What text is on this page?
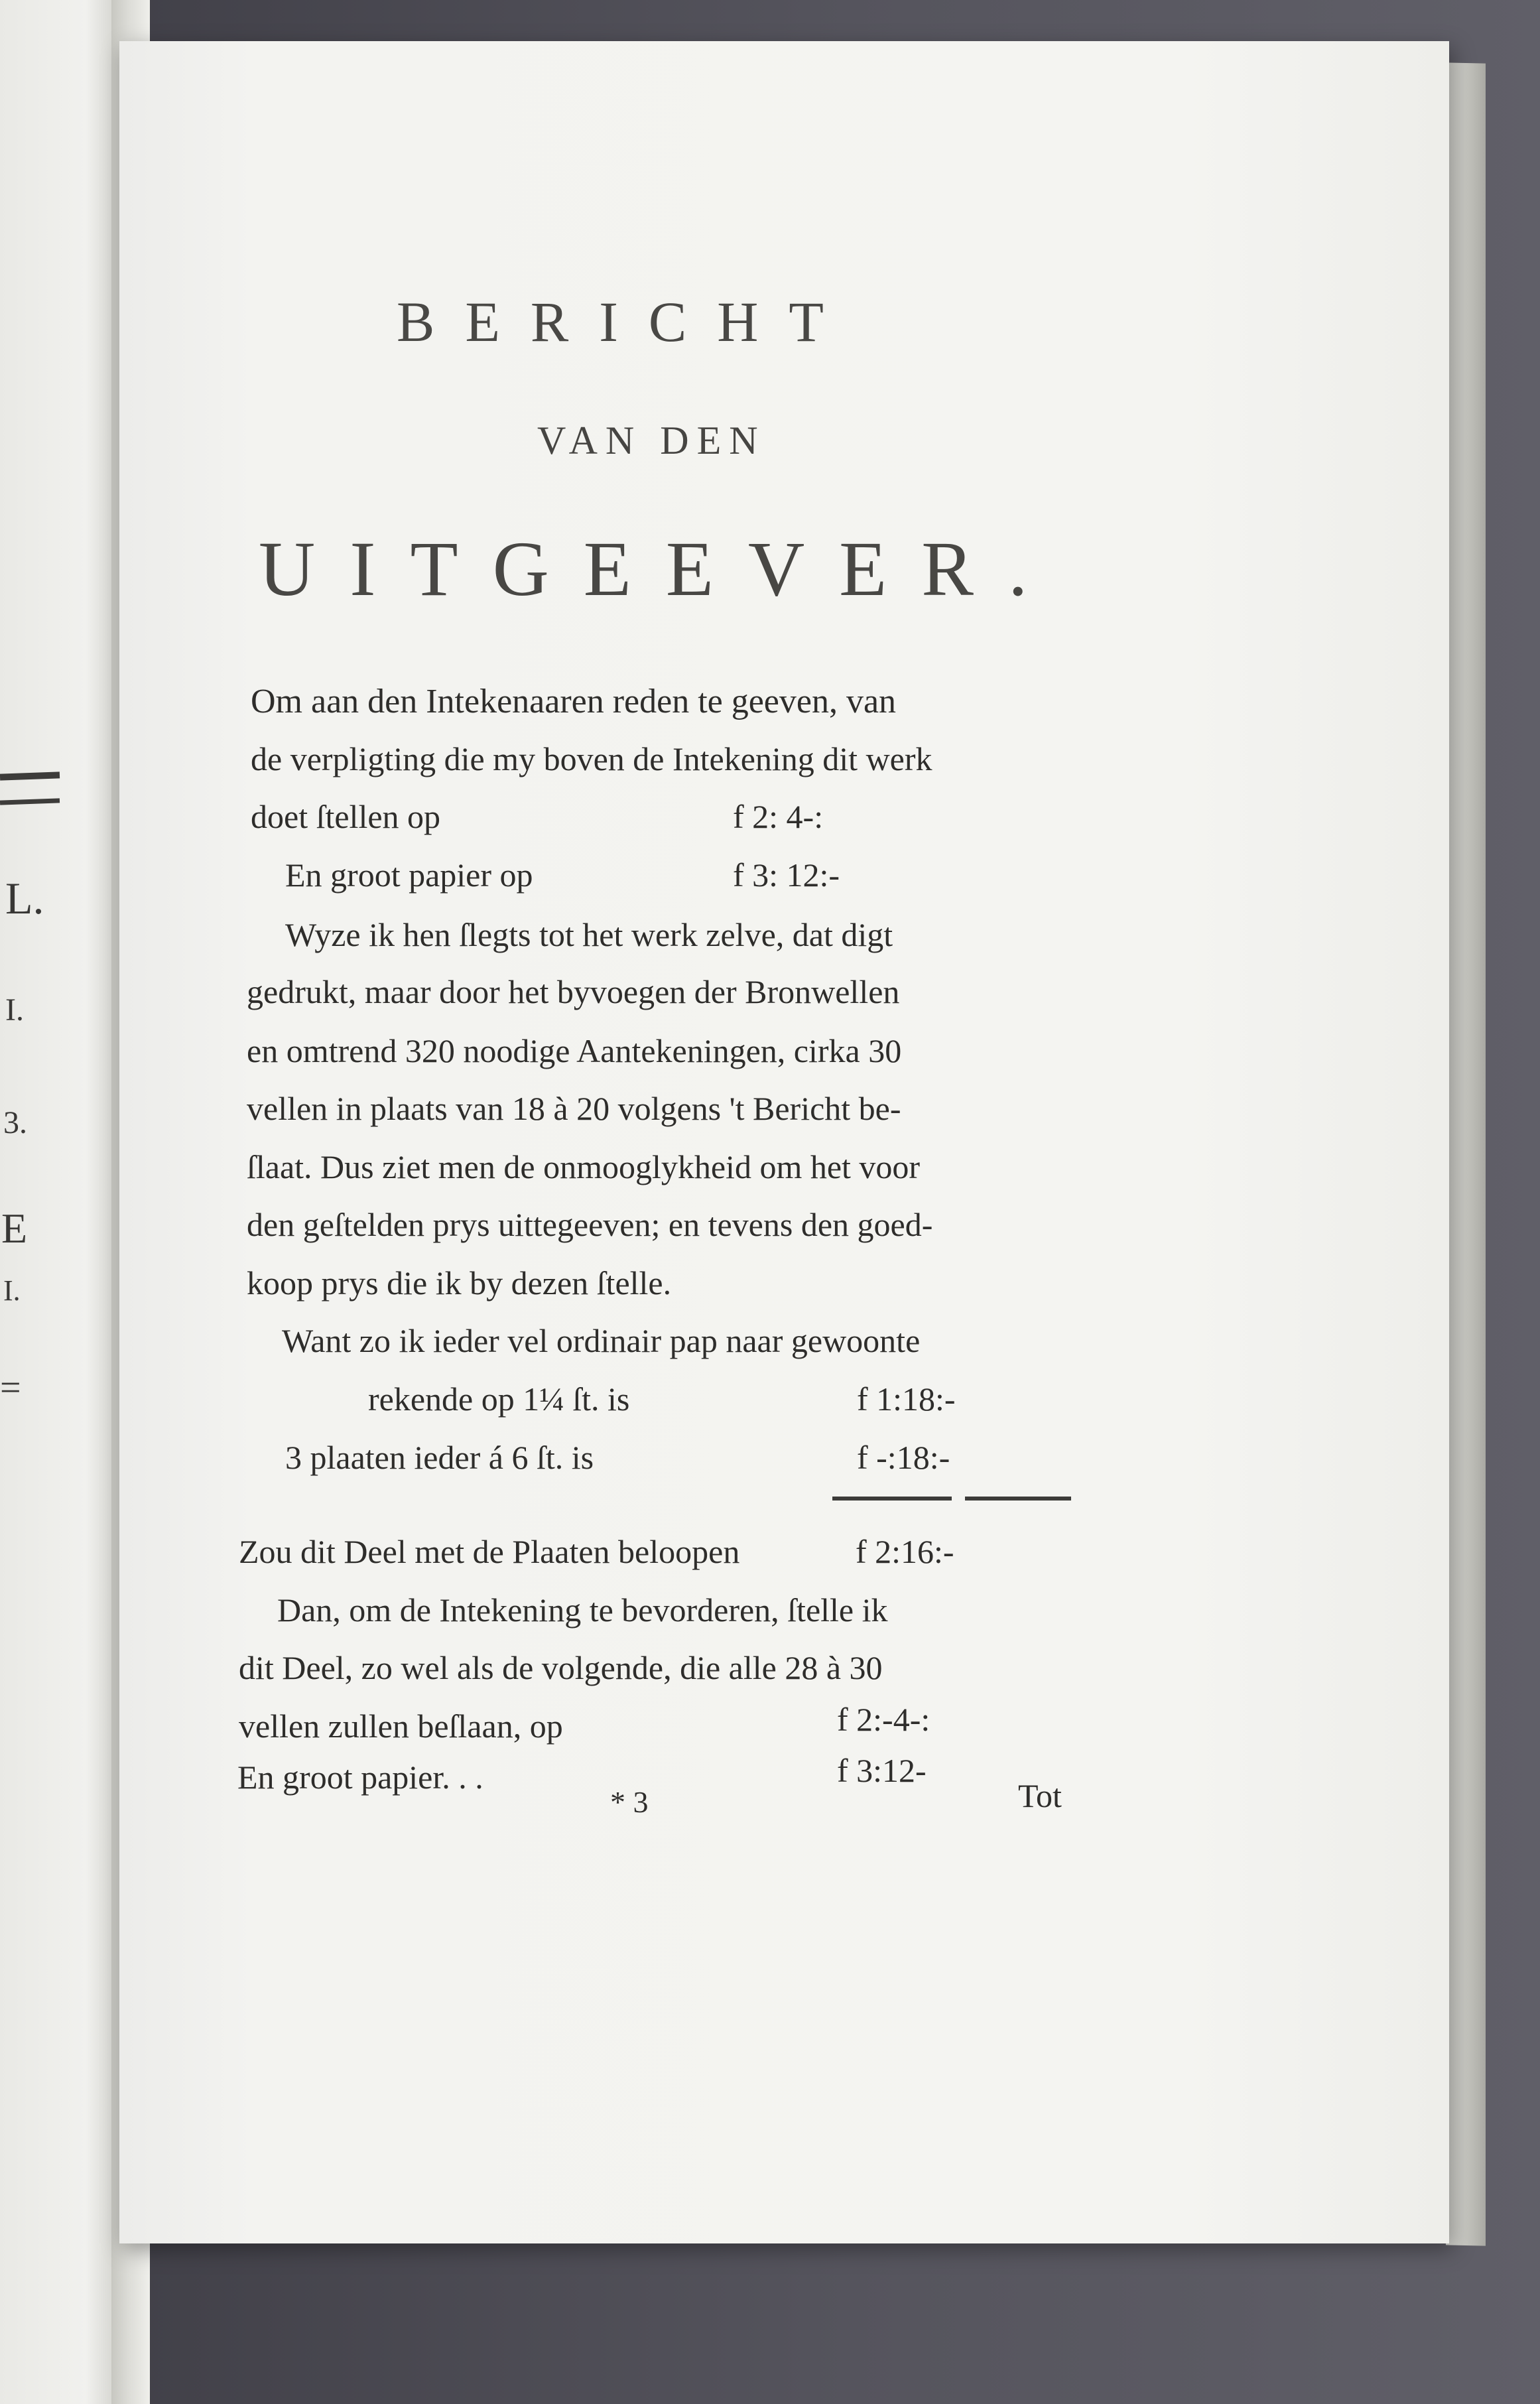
L.
I.
3.
E
I.
=
BERICHT
VAN DEN
UITGEEVER.
Om aan den Intekenaaren reden te geeven, van
de verpligting die my boven de Intekening dit werk
doet ſtellen op	f 2: 4-:
En groot papier op	f 3: 12:-
Wyze ik hen ſlegts tot het werk zelve, dat digt
gedrukt, maar door het byvoegen der Bronwellen
en omtrend 320 noodige Aantekeningen, cirka 30
vellen in plaats van 18 à 20 volgens 't Bericht be-
ſlaat. Dus ziet men de onmooglykheid om het voor
den geſtelden prys uittegeeven; en tevens den goed-
koop prys die ik by dezen ſtelle.
Want zo ik ieder vel ordinair pap naar gewoonte
rekende op 1¼ ſt. is	f 1:18:-
3 plaaten ieder á 6 ſt. is	f -:18:-
Zou dit Deel met de Plaaten beloopen	f 2:16:-
Dan, om de Intekening te bevorderen, ſtelle ik
dit Deel, zo wel als de volgende, die alle 28 à 30
vellen zullen beſlaan, op	f 2:-4-:
En groot papier. . .	f 3:12-
* 3	Tot
